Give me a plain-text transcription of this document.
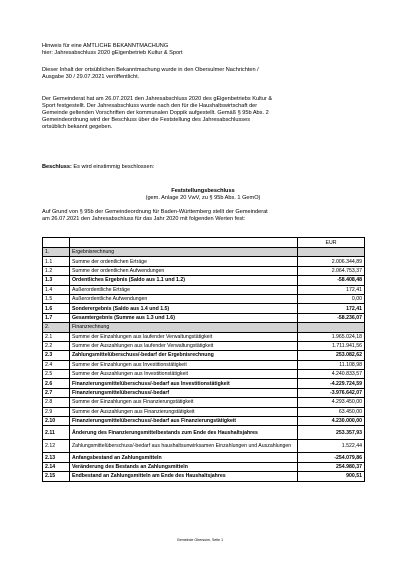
Hinweis für eine AMTLICHE BEKANNTMACHUNG

hier: Jahresabschluss 2020 gEigenbetrieb Kultur & Sport

Dieser Inhalt der ortsüblichen Bekanntmachung wurde in den Obersulmer Nachrichten /

Ausgabe 30 / 29.07.2021 veröffentlicht.

Der Gemeinderat hat am 26.07.2021 den Jahresabschluss 2020 des gEigenbetriebs Kultur &

Sport festgestellt. Der Jahresabschluss wurde nach den für die Haushaltswirtschaft der

Gemeinde geltenden Vorschriften der kommunalen Doppik aufgestellt. Gemäß § 95b Abs. 2

Gemeindeordnung wird der Beschluss über die Feststellung des Jahresabschlusses

ortsüblich bekannt gegeben.

Beschluss: Es wird einstimmig beschlossen:

Feststellungsbeschluss

(gem. Anlage 20 VwV, zu § 95b Abs. 1 GemO)

Auf Grund von § 95b der Gemeindeordnung für Baden-Württemberg stellt der Gemeinderat

am 26.07.2021 den Jahresabschluss für das Jahr 2020 mit folgenden Werten fest:

		EUR
1.	Ergebnisrechnung	
1.1	Summe der ordentlichen Erträge	2.006.344,89
1.2	Summe der ordentlichen Aufwendungen	2.064.753,37
1.3	Ordentliches Ergebnis (Saldo aus 1.1 und 1.2)	-58.408,48
1.4	Außerordentliche Erträge	172,41
1.5	Außerordentliche Aufwendungen	0,00
1.6	Sonderergebnis (Saldo aus 1.4 und 1.5)	172,41
1.7	Gesamtergebnis (Summe aus 1.3 und 1.6)	-58.236,07
2.	Finanzrechnung	
2.1	Summe der Einzahlungen aus laufender Verwaltungstätigkeit	1.965.024,18
2.2	Summe der Auszahlungen aus laufender Verwaltungstätigkeit	1.711.941,56
2.3	Zahlungsmittelüberschuss/-bedarf der Ergebnisrechnung	253.082,62
2.4	Summe der Einzahlungen aus Investitionstätigkeit	11.108,98
2.5	Summe der Auszahlungen aus Investitionstätigkeit	4.240.833,57
2.6	Finanzierungsmittelüberschuss/-bedarf aus Investitionstätigkeit	-4.229.724,59
2.7	Finanzierungsmittelüberschuss/-bedarf	-3.976.642,07
2.8	Summe der Einzahlungen aus Finanzierungstätigkeit	4.293.450,00
2.9	Summe der Auszahlungen aus Finanzierungstätigkeit	63.450,00
2.10	Finanzierungsmittelüberschuss/-bedarf aus Finanzierungstätigkeit	4.230.000,00
2.11	Änderung des Finanzierungsmittelbestands zum Ende des Haushaltsjahres	253.357,93
2.12	Zahlungsmittelüberschuss/-bedarf aus haushaltsunwirksamen Einzahlungen und Auszahlungen	1.522,44
2.13	Anfangsbestand an Zahlungsmitteln	-254.079,86
2.14	Veränderung des Bestands an Zahlungsmitteln	254.980,37
2.15	Endbestand an Zahlungsmitteln am Ende des Haushaltsjahres	900,51
Gemeinde Obersulm, Seite 1
